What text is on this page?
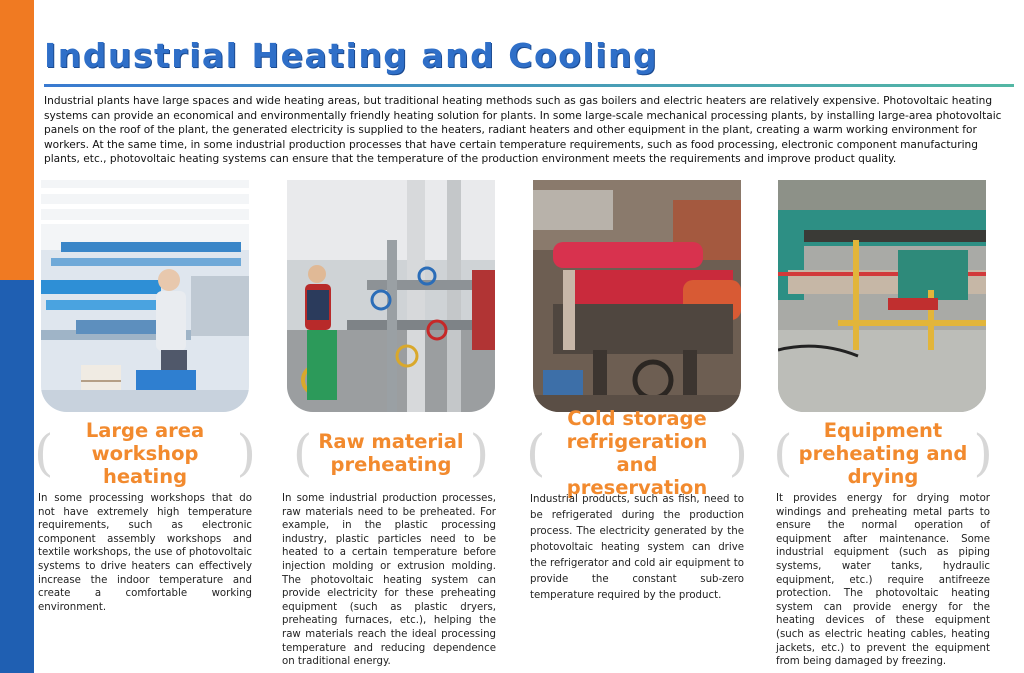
Industrial Heating and Cooling

Industrial plants have large spaces and wide heating areas, but traditional heating methods such as gas boilers and electric heaters are relatively expensive. Photovoltaic heating systems can provide an economical and environmentally friendly heating solution for plants. In some large-scale mechanical processing plants, by installing large-area photovoltaic panels on the roof of the plant, the generated electricity is supplied to the heaters, radiant heaters and other equipment in the plant, creating a warm working environment for workers. At the same time, in some industrial production processes that have certain temperature requirements, such as food processing, electronic component manufacturing plants, etc., photovoltaic heating systems can ensure that the temperature of the production environment meets the requirements and improve product quality.

(	Large area
workshop heating ) ( Raw material
preheating ) (
Cold storage
refrigeration and
preservation
) (	Equipment
preheating and
drying	)

In some processing workshops that do not have extremely high temperature requirements, such as electronic component assembly workshops and textile workshops, the use of photovoltaic systems to drive heaters can effectively increase the indoor temperature and create a comfortable working environment.

In some industrial production processes, raw materials need to be preheated. For example, in the plastic processing industry, plastic particles need to be heated to a certain temperature before injection molding or extrusion molding. The photovoltaic heating system can provide electricity for these preheating equipment (such as plastic dryers, preheating furnaces, etc.), helping the raw materials reach the ideal processing temperature and reducing dependence on traditional energy.

Industrial products, such as fish, need to be refrigerated during the production process. The electricity generated by the photovoltaic heating system can drive the refrigerator and cold air equipment to provide the constant sub-zero temperature required by the product.

It provides energy for drying motor windings and preheating metal parts to ensure the normal operation of equipment after maintenance. Some industrial equipment (such as piping systems, water tanks, hydraulic equipment, etc.) require antifreeze protection. The photovoltaic heating system can provide energy for the heating devices of these equipment (such as electric heating cables, heating jackets, etc.) to prevent the equipment from being damaged by freezing.
